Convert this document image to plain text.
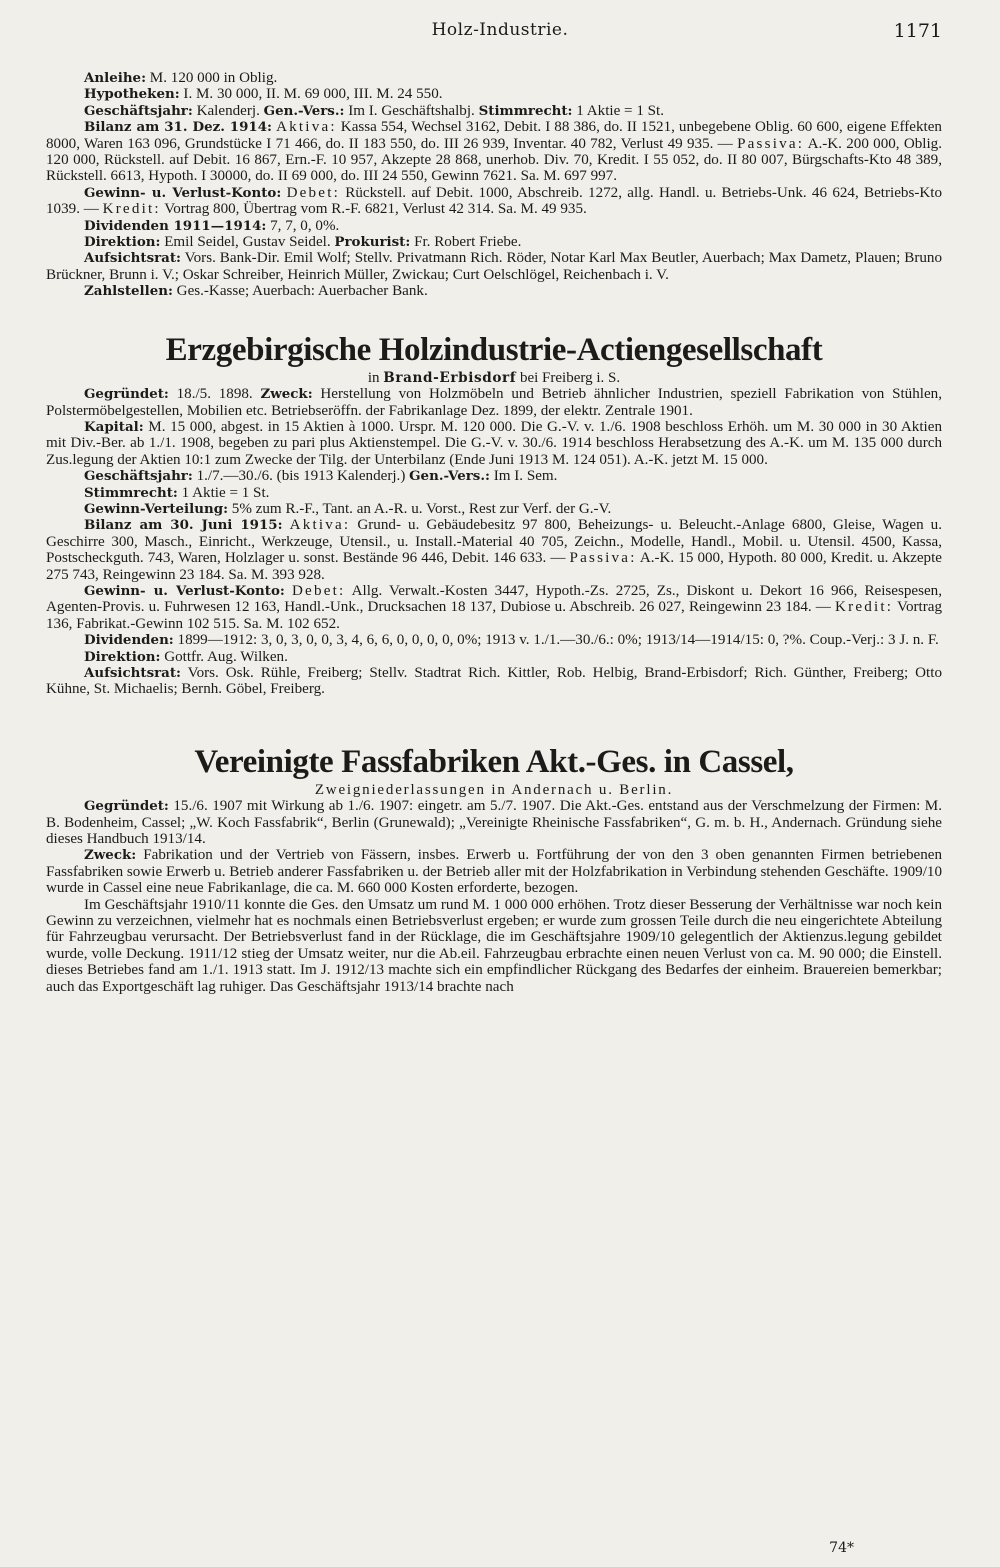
Holz-Industrie.	1171

Anleihe: M. 120 000 in Oblig.

Hypotheken: I. M. 30 000, II. M. 69 000, III. M. 24 550.

Geschäftsjahr: Kalenderj. Gen.-Vers.: Im I. Geschäftshalbj. Stimmrecht: 1 Aktie = 1 St.

Bilanz am 31. Dez. 1914: Aktiva: Kassa 554, Wechsel 3162, Debit. I 88 386, do. II 1521, unbegebene Oblig. 60 600, eigene Effekten 8000, Waren 163 096, Grundstücke I 71 466, do. II 183 550, do. III 26 939, Inventar. 40 782, Verlust 49 935. — Passiva: A.-K. 200 000, Oblig. 120 000, Rückstell. auf Debit. 16 867, Ern.-F. 10 957, Akzepte 28 868, unerhob. Div. 70, Kredit. I 55 052, do. II 80 007, Bürgschafts-Kto 48 389, Rückstell. 6613, Hypoth. I 30000, do. II 69 000, do. III 24 550, Gewinn 7621. Sa. M. 697 997.

Gewinn- u. Verlust-Konto: Debet: Rückstell. auf Debit. 1000, Abschreib. 1272, allg. Handl. u. Betriebs-Unk. 46 624, Betriebs-Kto 1039. — Kredit: Vortrag 800, Übertrag vom R.-F. 6821, Verlust 42 314. Sa. M. 49 935.

Dividenden 1911—1914: 7, 7, 0, 0%.

Direktion: Emil Seidel, Gustav Seidel. Prokurist: Fr. Robert Friebe.

Aufsichtsrat: Vors. Bank-Dir. Emil Wolf; Stellv. Privatmann Rich. Röder, Notar Karl Max Beutler, Auerbach; Max Dametz, Plauen; Bruno Brückner, Brunn i. V.; Oskar Schreiber, Heinrich Müller, Zwickau; Curt Oelschlögel, Reichenbach i. V.

Zahlstellen: Ges.-Kasse; Auerbach: Auerbacher Bank.

Erzgebirgische Holzindustrie-Actiengesellschaft

in Brand-Erbisdorf bei Freiberg i. S.

Gegründet: 18./5. 1898. Zweck: Herstellung von Holzmöbeln und Betrieb ähnlicher Industrien, speziell Fabrikation von Stühlen, Polstermöbelgestellen, Mobilien etc. Betriebseröffn. der Fabrikanlage Dez. 1899, der elektr. Zentrale 1901.

Kapital: M. 15 000, abgest. in 15 Aktien à 1000. Urspr. M. 120 000. Die G.-V. v. 1./6. 1908 beschloss Erhöh. um M. 30 000 in 30 Aktien mit Div.-Ber. ab 1./1. 1908, begeben zu pari plus Aktienstempel. Die G.-V. v. 30./6. 1914 beschloss Herabsetzung des A.-K. um M. 135 000 durch Zus.legung der Aktien 10:1 zum Zwecke der Tilg. der Unterbilanz (Ende Juni 1913 M. 124 051). A.-K. jetzt M. 15 000.

Geschäftsjahr: 1./7.—30./6. (bis 1913 Kalenderj.) Gen.-Vers.: Im I. Sem.

Stimmrecht: 1 Aktie = 1 St.

Gewinn-Verteilung: 5% zum R.-F., Tant. an A.-R. u. Vorst., Rest zur Verf. der G.-V.

Bilanz am 30. Juni 1915: Aktiva: Grund- u. Gebäudebesitz 97 800, Beheizungs- u. Beleucht.-Anlage 6800, Gleise, Wagen u. Geschirre 300, Masch., Einricht., Werkzeuge, Utensil., u. Install.-Material 40 705, Zeichn., Modelle, Handl., Mobil. u. Utensil. 4500, Kassa, Postscheckguth. 743, Waren, Holzlager u. sonst. Bestände 96 446, Debit. 146 633. — Passiva: A.-K. 15 000, Hypoth. 80 000, Kredit. u. Akzepte 275 743, Reingewinn 23 184. Sa. M. 393 928.

Gewinn- u. Verlust-Konto: Debet: Allg. Verwalt.-Kosten 3447, Hypoth.-Zs. 2725, Zs., Diskont u. Dekort 16 966, Reisespesen, Agenten-Provis. u. Fuhrwesen 12 163, Handl.-Unk., Drucksachen 18 137, Dubiose u. Abschreib. 26 027, Reingewinn 23 184. — Kredit: Vortrag 136, Fabrikat.-Gewinn 102 515. Sa. M. 102 652.

Dividenden: 1899—1912: 3, 0, 3, 0, 0, 3, 4, 6, 6, 0, 0, 0, 0, 0%; 1913 v. 1./1.—30./6.: 0%; 1913/14—1914/15: 0, ?%. Coup.-Verj.: 3 J. n. F.

Direktion: Gottfr. Aug. Wilken.

Aufsichtsrat: Vors. Osk. Rühle, Freiberg; Stellv. Stadtrat Rich. Kittler, Rob. Helbig, Brand-Erbisdorf; Rich. Günther, Freiberg; Otto Kühne, St. Michaelis; Bernh. Göbel, Freiberg.

Vereinigte Fassfabriken Akt.-Ges. in Cassel,

Zweigniederlassungen in Andernach u. Berlin.

Gegründet: 15./6. 1907 mit Wirkung ab 1./6. 1907: eingetr. am 5./7. 1907. Die Akt.-Ges. entstand aus der Verschmelzung der Firmen: M. B. Bodenheim, Cassel; „W. Koch Fassfabrik“, Berlin (Grunewald); „Vereinigte Rheinische Fassfabriken“, G. m. b. H., Andernach. Gründung siehe dieses Handbuch 1913/14.

Zweck: Fabrikation und der Vertrieb von Fässern, insbes. Erwerb u. Fortführung der von den 3 oben genannten Firmen betriebenen Fassfabriken sowie Erwerb u. Betrieb anderer Fassfabriken u. der Betrieb aller mit der Holzfabrikation in Verbindung stehenden Geschäfte. 1909/10 wurde in Cassel eine neue Fabrikanlage, die ca. M. 660 000 Kosten erforderte, bezogen.

Im Geschäftsjahr 1910/11 konnte die Ges. den Umsatz um rund M. 1 000 000 erhöhen. Trotz dieser Besserung der Verhältnisse war noch kein Gewinn zu verzeichnen, vielmehr hat es nochmals einen Betriebsverlust ergeben; er wurde zum grossen Teile durch die neu eingerichtete Abteilung für Fahrzeugbau verursacht. Der Betriebsverlust fand in der Rücklage, die im Geschäftsjahre 1909/10 gelegentlich der Aktienzus.legung gebildet wurde, volle Deckung. 1911/12 stieg der Umsatz weiter, nur die Ab.eil. Fahrzeugbau erbrachte einen neuen Verlust von ca. M. 90 000; die Einstell. dieses Betriebes fand am 1./1. 1913 statt. Im J. 1912/13 machte sich ein empfindlicher Rückgang des Bedarfes der einheim. Brauereien bemerkbar; auch das Exportgeschäft lag ruhiger. Das Geschäftsjahr 1913/14 brachte nach

74*
